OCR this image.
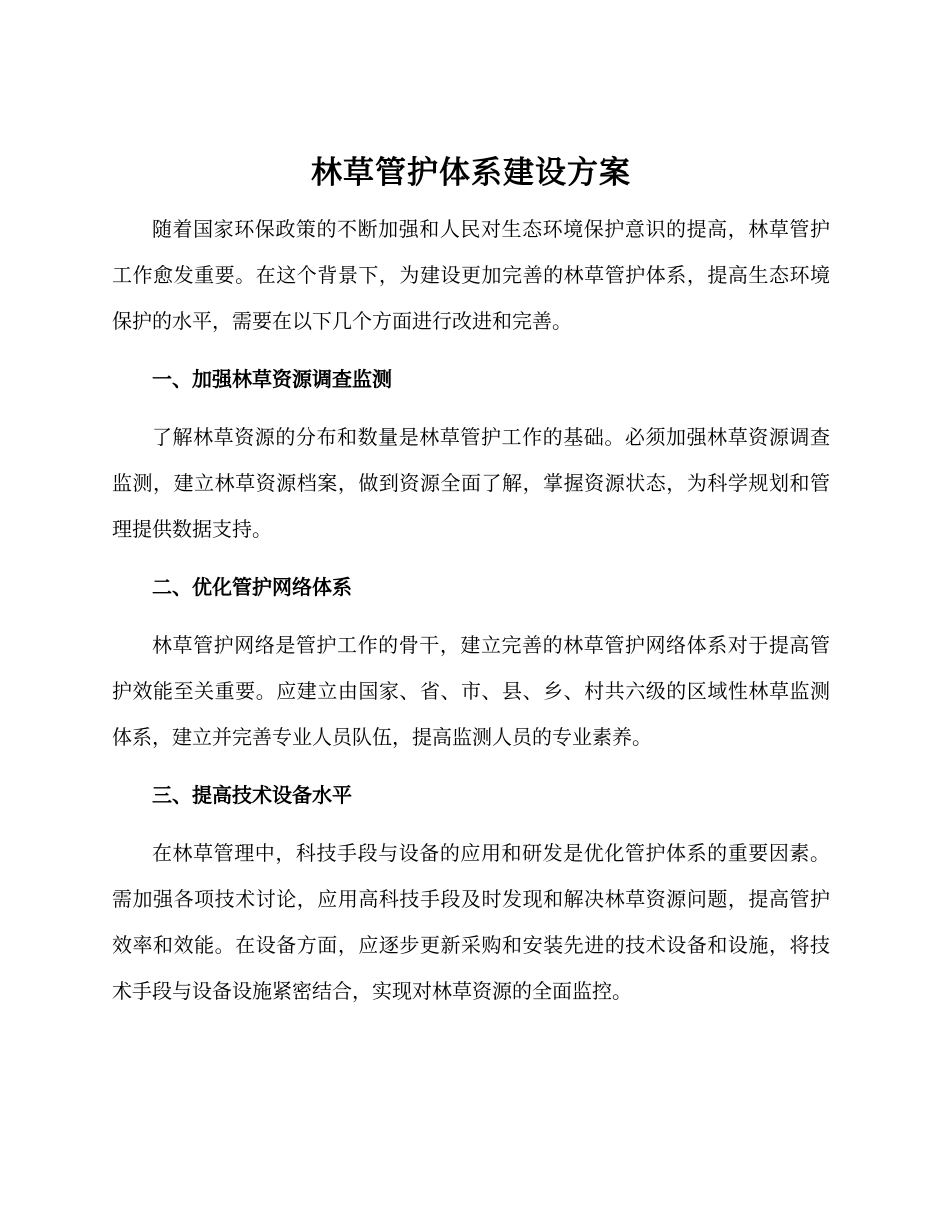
林草管护体系建设方案

随着国家环保政策的不断加强和人民对生态环境保护意识的提高，林草管护工作愈发重要。在这个背景下，为建设更加完善的林草管护体系，提高生态环境保护的水平，需要在以下几个方面进行改进和完善。

一、加强林草资源调查监测

了解林草资源的分布和数量是林草管护工作的基础。必须加强林草资源调查监测，建立林草资源档案，做到资源全面了解，掌握资源状态，为科学规划和管理提供数据支持。

二、优化管护网络体系

林草管护网络是管护工作的骨干，建立完善的林草管护网络体系对于提高管护效能至关重要。应建立由国家、省、市、县、乡、村共六级的区域性林草监测体系，建立并完善专业人员队伍，提高监测人员的专业素养。

三、提高技术设备水平

在林草管理中，科技手段与设备的应用和研发是优化管护体系的重要因素。需加强各项技术讨论，应用高科技手段及时发现和解决林草资源问题，提高管护效率和效能。在设备方面，应逐步更新采购和安装先进的技术设备和设施，将技术手段与设备设施紧密结合，实现对林草资源的全面监控。
